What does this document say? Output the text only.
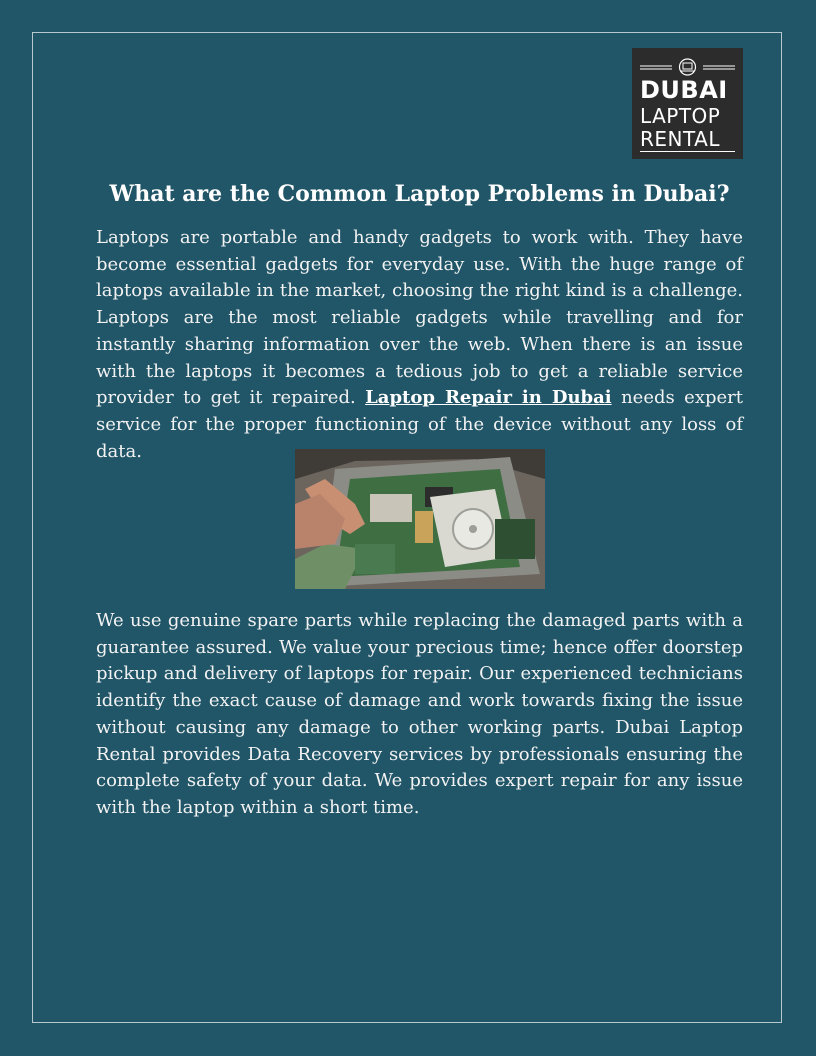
DUBAI
LAPTOP
RENTAL
What are the Common Laptop Problems in Dubai?

Laptops are portable and handy gadgets to work with. They have become essential gadgets for everyday use. With the huge range of laptops available in the market, choosing the right kind is a challenge. Laptops are the most reliable gadgets while travelling and for instantly sharing information over the web. When there is an issue with the laptops it becomes a tedious job to get a reliable service provider to get it repaired. Laptop Repair in Dubai needs expert service for the proper functioning of the device without any loss of data.

We use genuine spare parts while replacing the damaged parts with a guarantee assured. We value your precious time; hence offer doorstep pickup and delivery of laptops for repair. Our experienced technicians identify the exact cause of damage and work towards fixing the issue without causing any damage to other working parts. Dubai Laptop Rental provides Data Recovery services by professionals ensuring the complete safety of your data. We provides expert repair for any issue with the laptop within a short time.
